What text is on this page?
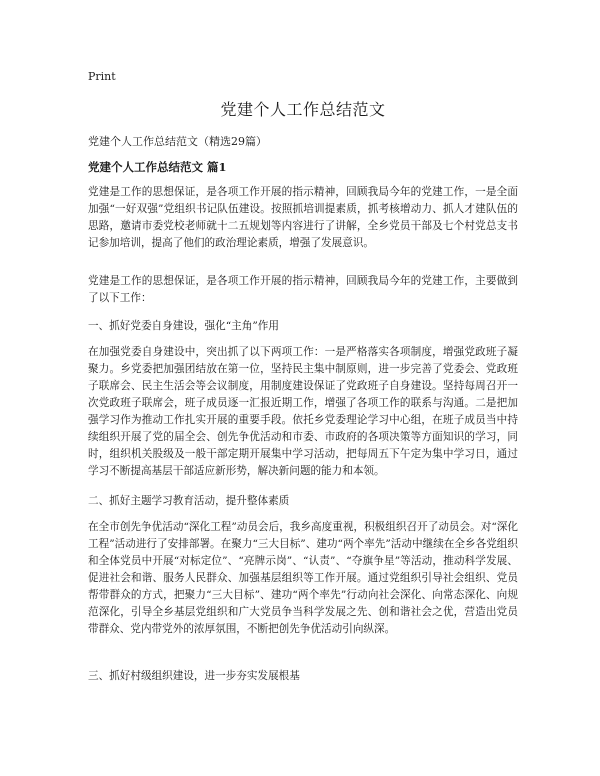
Print
党建个人工作总结范文

党建个人工作总结范文（精选29篇）

党建个人工作总结范文 篇1

党建是工作的思想保证，是各项工作开展的指示精神，回顾我局今年的党建工作，一是全面加强“一好双强”党组织书记队伍建设。按照抓培训提素质，抓考核增动力、抓人才建队伍的思路，邀请市委党校老师就十二五规划等内容进行了讲解，全乡党员干部及七个村党总支书记参加培训，提高了他们的政治理论素质，增强了发展意识。

党建是工作的思想保证，是各项工作开展的指示精神，回顾我局今年的党建工作，主要做到了以下工作：

一、抓好党委自身建设，强化“主角”作用

在加强党委自身建设中，突出抓了以下两项工作：一是严格落实各项制度，增强党政班子凝聚力。乡党委把加强团结放在第一位，坚持民主集中制原则，进一步完善了党委会、党政班子联席会、民主生活会等会议制度，用制度建设保证了党政班子自身建设。坚持每周召开一次党政班子联席会，班子成员逐一汇报近期工作，增强了各项工作的联系与沟通。二是把加强学习作为推动工作扎实开展的重要手段。依托乡党委理论学习中心组，在班子成员当中持续组织开展了党的届全会、创先争优活动和市委、市政府的各项决策等方面知识的学习，同时，组织机关股级及一般干部定期开展集中学习活动，把每周五下午定为集中学习日，通过学习不断提高基层干部适应新形势，解决新问题的能力和本领。

二、抓好主题学习教育活动，提升整体素质

在全市创先争优活动“深化工程”动员会后，我乡高度重视，积极组织召开了动员会。对“深化工程”活动进行了安排部署。在聚力“三大目标”、建功“两个率先”活动中继续在全乡各党组织和全体党员中开展“对标定位”、“亮牌示岗”、“认责”、“夺旗争星”等活动，推动科学发展、促进社会和谐、服务人民群众、加强基层组织等工作开展。通过党组织引导社会组织、党员帮带群众的方式，把聚力“三大目标”、建功“两个率先”行动向社会深化、向常态深化、向规范深化，引导全乡基层党组织和广大党员争当科学发展之先、创和谐社会之优，营造出党员带群众、党内带党外的浓厚氛围，不断把创先争优活动引向纵深。

三、抓好村级组织建设，进一步夯实发展根基
